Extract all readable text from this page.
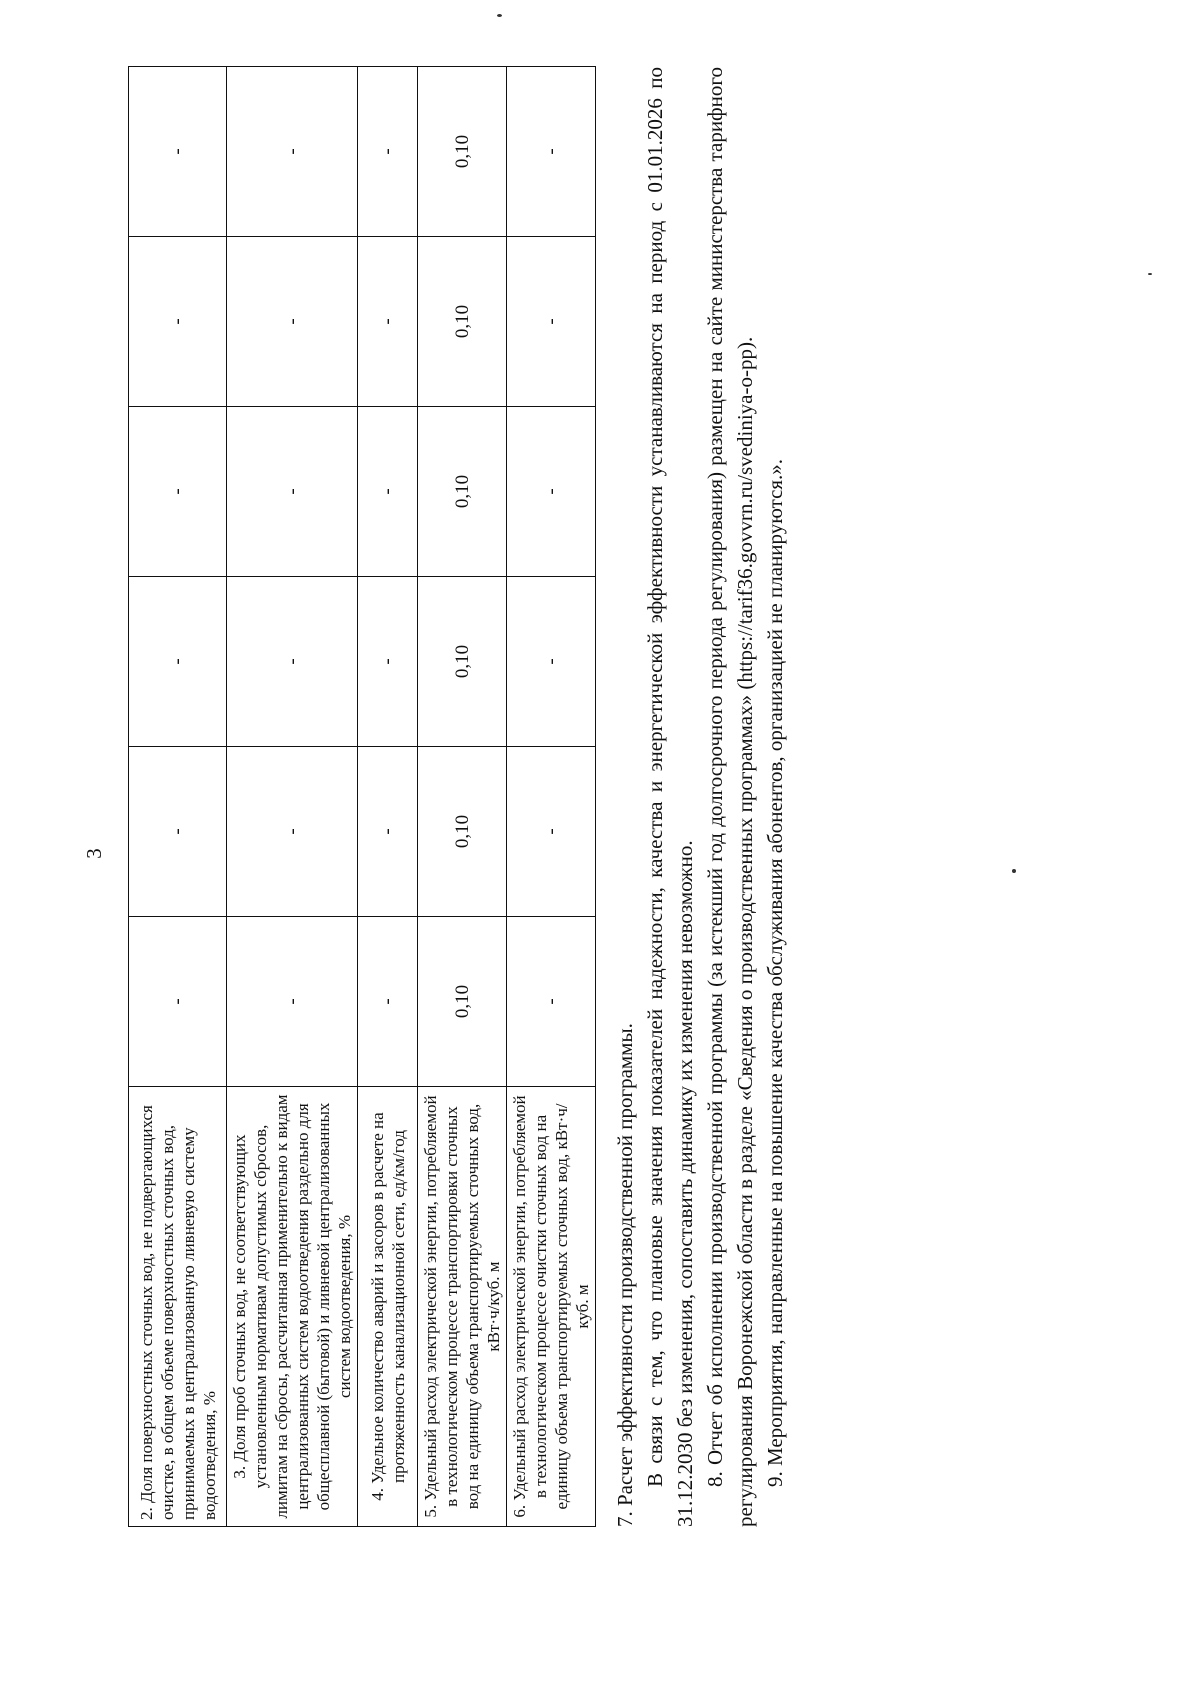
3
2. Доля поверхностных сточных вод, не подвергающихся очистке, в общем объеме поверхностных сточных вод, принимаемых в централизованную ливневую систему водоотведения, %	-	-	-	-	-	-
3. Доля проб сточных вод, не соответствующих установленным нормативам допустимых сбросов, лимитам на сбросы, рассчитанная применительно к видам централизованных систем водоотведения раздельно для общесплавной (бытовой) и ливневой централизованных систем водоотведения, %	-	-	-	-	-	-
4. Удельное количество аварий и засоров в расчете на протяженность канализационной сети, ед/км/год	-	-	-	-	-	-
5. Удельный расход электрической энергии, потребляемой в технологическом процессе транспортировки сточных вод на единицу объема транспортируемых сточных вод, кВт·ч/куб. м	0,10	0,10	0,10	0,10	0,10	0,10
6. Удельный расход электрической энергии, потребляемой в технологическом процессе очистки сточных вод на единицу объема транспортируемых сточных вод, кВт·ч/куб. м	-	-	-	-	-	-

7. Расчет эффективности производственной программы. В связи с тем, что плановые значения показателей надежности, качества и энергетической эффективности устанавливаются на период с 01.01.2026 по 31.12.2030 без изменения, сопоставить динамику их изменения невозможно. 8. Отчет об исполнении производственной программы (за истекший год долгосрочного периода регулирования) размещен на сайте министерства тарифного регулирования Воронежской области в разделе «Сведения о производственных программах» (https://tarif36.govvrn.ru/svediniya-o-pp). 9. Мероприятия, направленные на повышение качества обслуживания абонентов, организацией не планируются.».
